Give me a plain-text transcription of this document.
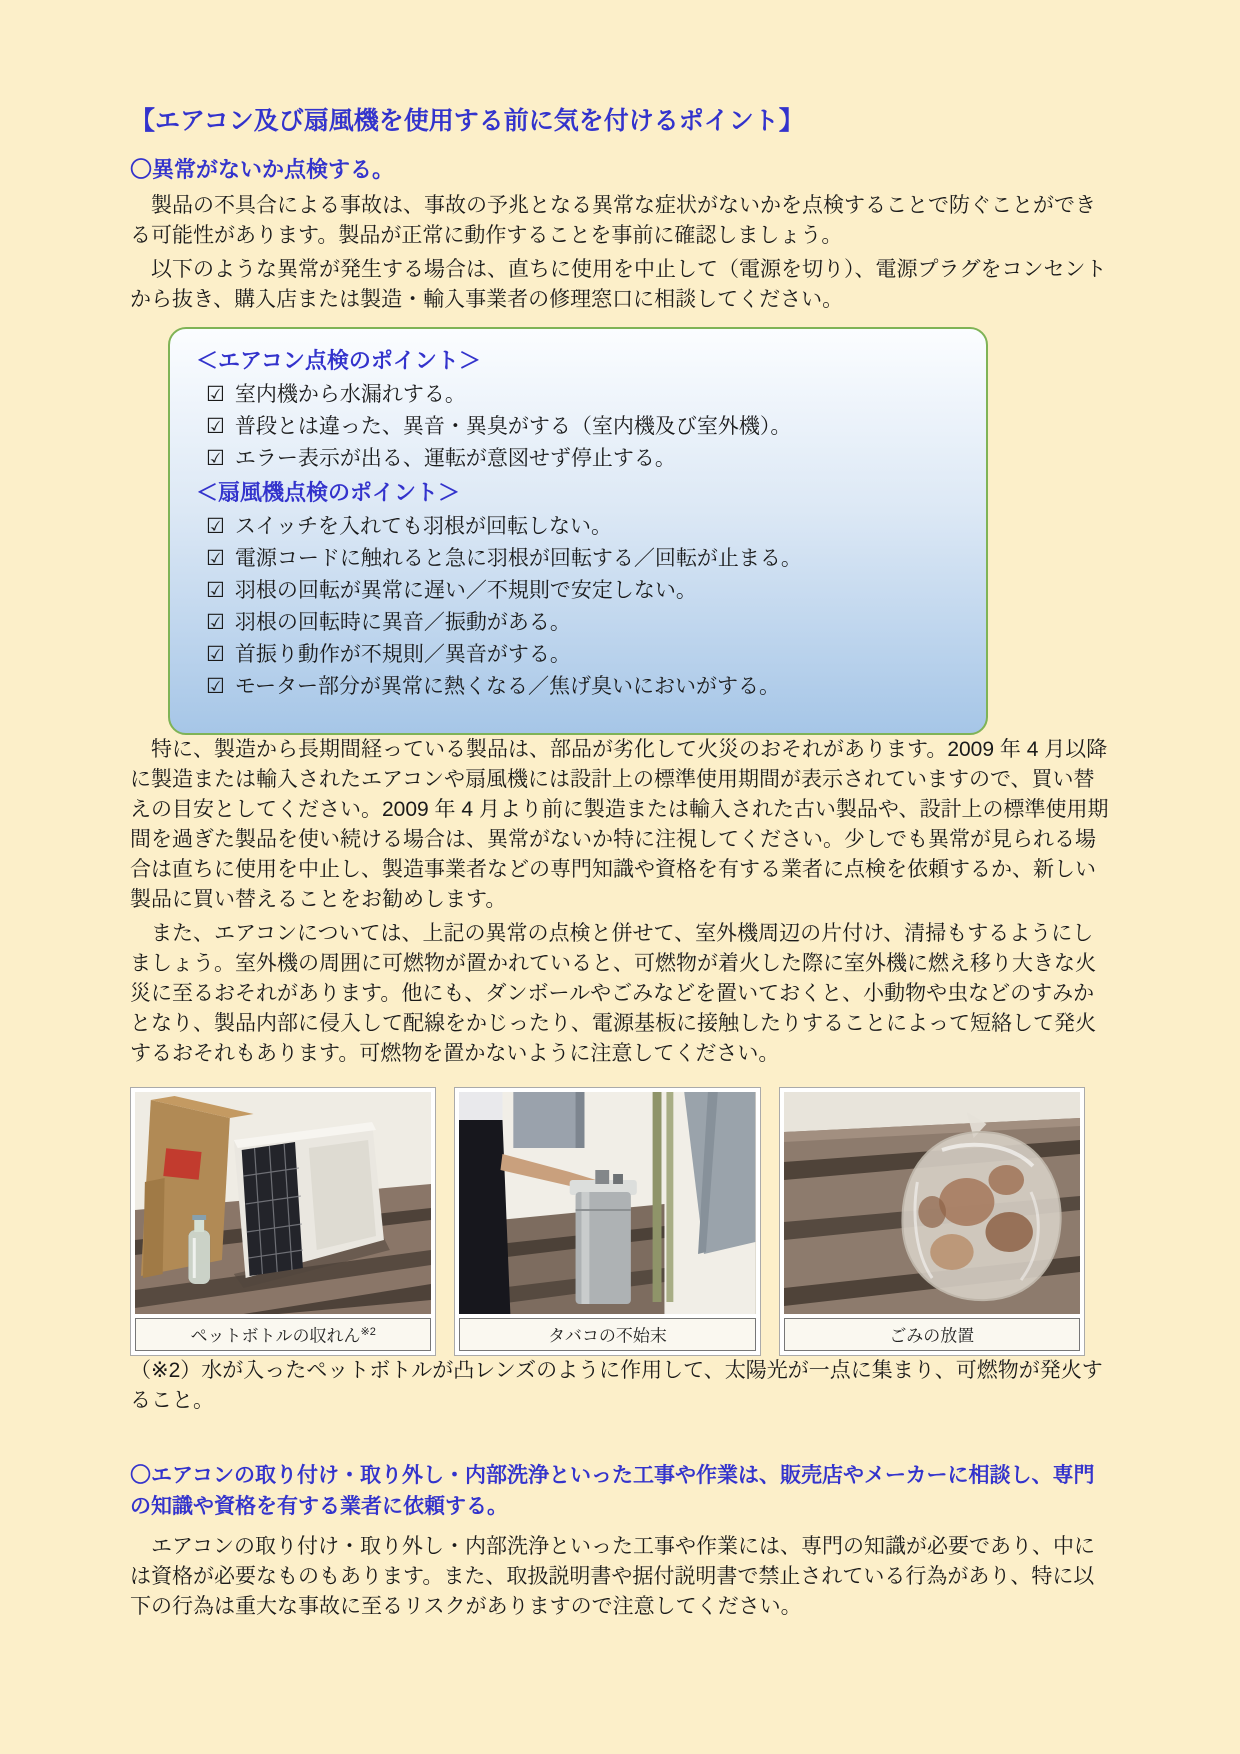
【エアコン及び扇風機を使用する前に気を付けるポイント】
〇異常がないか点検する。

製品の不具合による事故は、事故の予兆となる異常な症状がないかを点検することで防ぐことができる可能性があります。製品が正常に動作することを事前に確認しましょう。

以下のような異常が発生する場合は、直ちに使用を中止して（電源を切り）、電源プラグをコンセントから抜き、購入店または製造・輸入事業者の修理窓口に相談してください。

＜エアコン点検のポイント＞
☑ 室内機から水漏れする。
☑ 普段とは違った、異音・異臭がする（室内機及び室外機）。
☑ エラー表示が出る、運転が意図せず停止する。
＜扇風機点検のポイント＞
☑ スイッチを入れても羽根が回転しない。
☑ 電源コードに触れると急に羽根が回転する／回転が止まる。
☑ 羽根の回転が異常に遅い／不規則で安定しない。
☑ 羽根の回転時に異音／振動がある。
☑ 首振り動作が不規則／異音がする。
☑ モーター部分が異常に熱くなる／焦げ臭いにおいがする。

特に、製造から長期間経っている製品は、部品が劣化して火災のおそれがあります。2009 年 4 月以降に製造または輸入されたエアコンや扇風機には設計上の標準使用期間が表示されていますので、買い替えの目安としてください。2009 年 4 月より前に製造または輸入された古い製品や、設計上の標準使用期間を過ぎた製品を使い続ける場合は、異常がないか特に注視してください。少しでも異常が見られる場合は直ちに使用を中止し、製造事業者などの専門知識や資格を有する業者に点検を依頼するか、新しい製品に買い替えることをお勧めします。

また、エアコンについては、上記の異常の点検と併せて、室外機周辺の片付け、清掃もするようにしましょう。室外機の周囲に可燃物が置かれていると、可燃物が着火した際に室外機に燃え移り大きな火災に至るおそれがあります。他にも、ダンボールやごみなどを置いておくと、小動物や虫などのすみかとなり、製品内部に侵入して配線をかじったり、電源基板に接触したりすることによって短絡して発火するおそれもあります。可燃物を置かないように注意してください。

ペットボトルの収れん$^{※2}$	タバコの不始末	ごみの放置

（※2）水が入ったペットボトルが凸レンズのように作用して、太陽光が一点に集まり、可燃物が発火すること。

〇エアコンの取り付け・取り外し・内部洗浄といった工事や作業は、販売店やメーカーに相談し、専門の知識や資格を有する業者に依頼する。

エアコンの取り付け・取り外し・内部洗浄といった工事や作業には、専門の知識が必要であり、中には資格が必要なものもあります。また、取扱説明書や据付説明書で禁止されている行為があり、特に以下の行為は重大な事故に至るリスクがありますので注意してください。
